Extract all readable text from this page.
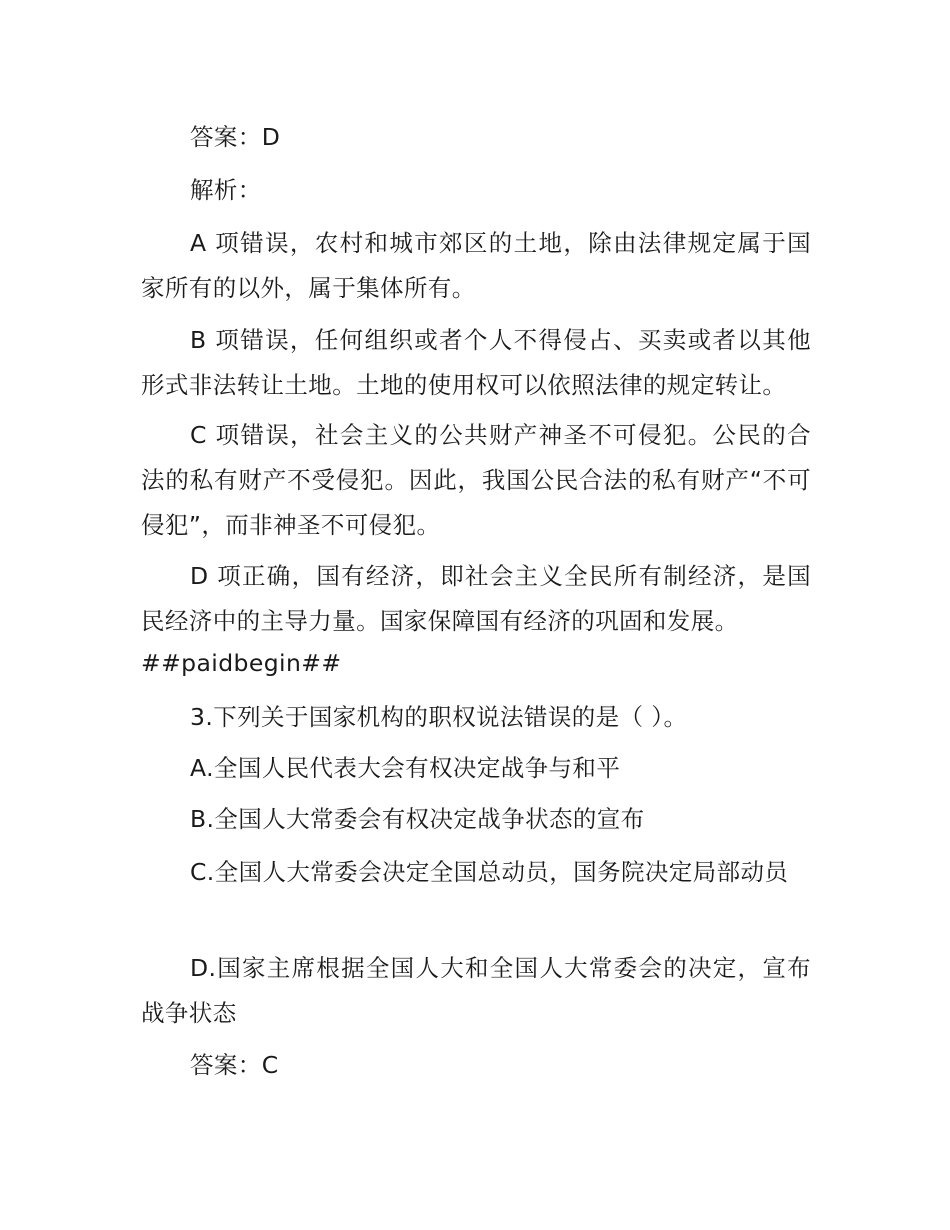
答案：D

解析：

A 项错误，农村和城市郊区的土地，除由法律规定属于国家所有的以外，属于集体所有。

B 项错误，任何组织或者个人不得侵占、买卖或者以其他形式非法转让土地。土地的使用权可以依照法律的规定转让。

C 项错误，社会主义的公共财产神圣不可侵犯。公民的合法的私有财产不受侵犯。因此，我国公民合法的私有财产“不可侵犯”，而非神圣不可侵犯。

D 项正确，国有经济，即社会主义全民所有制经济，是国民经济中的主导力量。国家保障国有经济的巩固和发展。

##paidbegin##

3.下列关于国家机构的职权说法错误的是（ ）。

A.全国人民代表大会有权决定战争与和平

B.全国人大常委会有权决定战争状态的宣布

C.全国人大常委会决定全国总动员，国务院决定局部动员

D.国家主席根据全国人大和全国人大常委会的决定，宣布战争状态

答案：C
